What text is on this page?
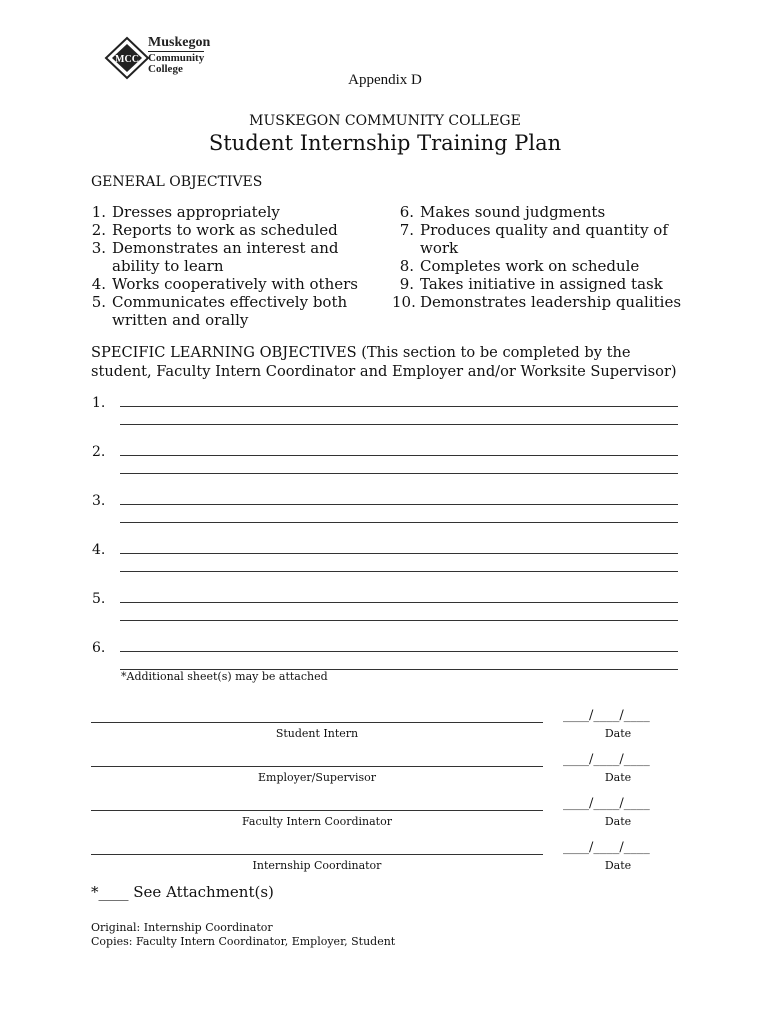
MCC
Muskegon
Community
College
Appendix D
MUSKEGON COMMUNITY COLLEGE
Student Internship Training Plan
GENERAL OBJECTIVES
1. Dresses appropriately
2. Reports to work as scheduled
3. Demonstrates an interest and
ability to learn
4. Works cooperatively with others
5. Communicates effectively both
written and orally
6. Makes sound judgments
7. Produces quality and quantity of
work
8. Completes work on schedule
9. Takes initiative in assigned task
10. Demonstrates leadership qualities
SPECIFIC LEARNING OBJECTIVES (This section to be completed by the student, Faculty Intern Coordinator and Employer and/or Worksite Supervisor)
1.
2.
3.
4.
5.
6.
*Additional sheet(s) may be attached
Student Intern
____/____/____
Date
Employer/Supervisor
____/____/____
Date
Faculty Intern Coordinator
____/____/____
Date
Internship Coordinator
____/____/____
Date
*____ See Attachment(s)
Original: Internship Coordinator
Copies: Faculty Intern Coordinator, Employer, Student
